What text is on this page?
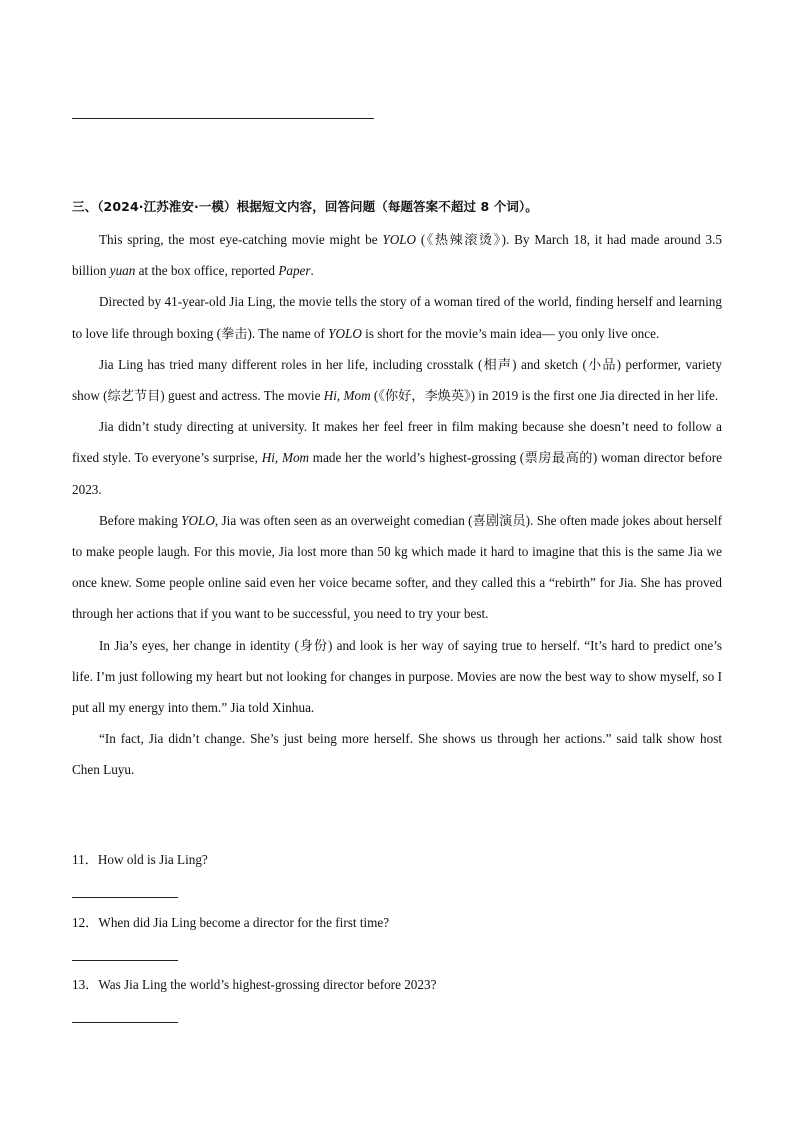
三、（2024·江苏淮安·一模）根据短文内容，回答问题（每题答案不超过 8 个词）。

This spring, the most eye-catching movie might be YOLO (《热辣滚烫》). By March 18, it had made around 3.5 billion yuan at the box office, reported Paper.

Directed by 41-year-old Jia Ling, the movie tells the story of a woman tired of the world, finding herself and learning to love life through boxing (拳击). The name of YOLO is short for the movie’s main idea— you only live once.

Jia Ling has tried many different roles in her life, including crosstalk (相声) and sketch (小品) performer, variety show (综艺节目) guest and actress. The movie Hi, Mom (《你好，李焕英》) in 2019 is the first one Jia directed in her life.

Jia didn’t study directing at university. It makes her feel freer in film making because she doesn’t need to follow a fixed style. To everyone’s surprise, Hi, Mom made her the world’s highest-grossing (票房最高的) woman director before 2023.

Before making YOLO, Jia was often seen as an overweight comedian (喜剧演员). She often made jokes about herself to make people laugh. For this movie, Jia lost more than 50 kg which made it hard to imagine that this is the same Jia we once knew. Some people online said even her voice became softer, and they called this a “rebirth” for Jia. She has proved through her actions that if you want to be successful, you need to try your best.

In Jia’s eyes, her change in identity (身份) and look is her way of saying true to herself. “It’s hard to predict one’s life. I’m just following my heart but not looking for changes in purpose. Movies are now the best way to show myself, so I put all my energy into them.” Jia told Xinhua.

“In fact, Jia didn’t change. She’s just being more herself. She shows us through her actions.” said talk show host Chen Luyu.

11．How old is Jia Ling?
12．When did Jia Ling become a director for the first time?
13．Was Jia Ling the world’s highest-grossing director before 2023?
